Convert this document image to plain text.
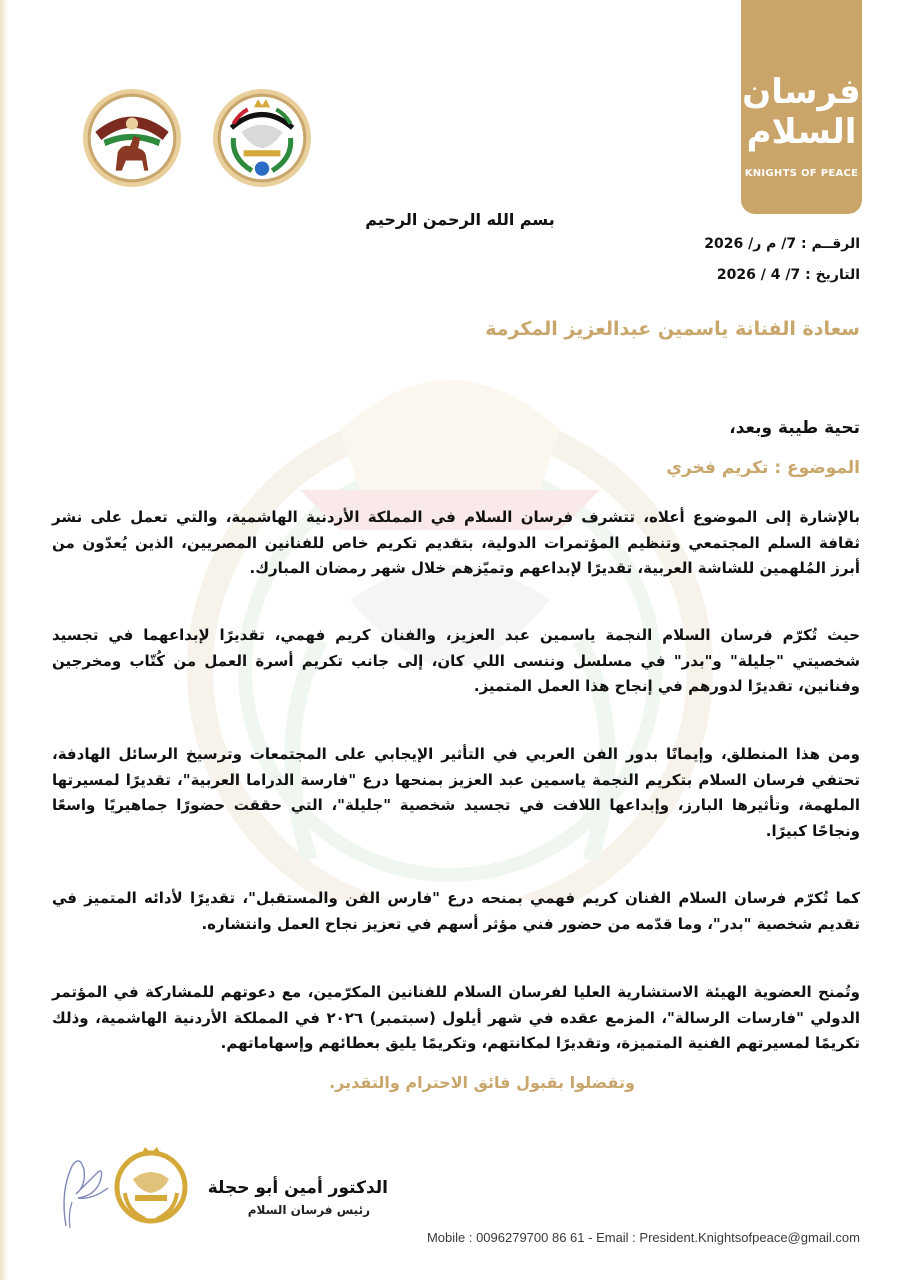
فرسان
السلام
KNIGHTS OF PEACE
بسم الله الرحمن الرحيم
الرقــم : 7/ م ر/ 2026
التاريخ : 7/ 4 / 2026
سعادة الفنانة ياسمين عبدالعزيز المكرمة
تحية طيبة وبعد،
الموضوع : تكريم فخري

بالإشارة إلى الموضوع أعلاه، تتشرف فرسان السلام في المملكة الأردنية الهاشمية، والتي تعمل على نشر ثقافة السلم المجتمعي وتنظيم المؤتمرات الدولية، بتقديم تكريم خاص للفنانين المصريين، الذين يُعدّون من أبرز المُلهمين للشاشة العربية، تقديرًا لإبداعهم وتميّزهم خلال شهر رمضان المبارك.

حيث تُكرّم فرسان السلام النجمة ياسمين عبد العزيز، والفنان كريم فهمي، تقديرًا لإبداعهما في تجسيد شخصيتي "جليلة" و"بدر" في مسلسل وننسى اللي كان، إلى جانب تكريم أسرة العمل من كُتّاب ومخرجين وفنانين، تقديرًا لدورهم في إنجاح هذا العمل المتميز.

ومن هذا المنطلق، وإيمانًا بدور الفن العربي في التأثير الإيجابي على المجتمعات وترسيخ الرسائل الهادفة، تحتفي فرسان السلام بتكريم النجمة ياسمين عبد العزيز بمنحها درع "فارسة الدراما العربية"، تقديرًا لمسيرتها الملهمة، وتأثيرها البارز، وإبداعها اللافت في تجسيد شخصية "جليلة"، التي حققت حضورًا جماهيريًا واسعًا ونجاحًا كبيرًا.

كما تُكرّم فرسان السلام الفنان كريم فهمي بمنحه درع "فارس الفن والمستقبل"، تقديرًا لأدائه المتميز في تقديم شخصية "بدر"، وما قدّمه من حضور فني مؤثر أسهم في تعزيز نجاح العمل وانتشاره.

وتُمنح العضوية الهيئة الاستشارية العليا لفرسان السلام للفنانين المكرّمين، مع دعوتهم للمشاركة في المؤتمر الدولي "فارسات الرسالة"، المزمع عقده في شهر أيلول (سبتمبر) ٢٠٢٦ في المملكة الأردنية الهاشمية، وذلك تكريمًا لمسيرتهم الفنية المتميزة، وتقديرًا لمكانتهم، وتكريمًا يليق بعطائهم وإسهاماتهم.

وتفضلوا بقبول فائق الاحترام والتقدير.
الدكتور أمين أبو حجلة
رئيس فرسان السلام
Mobile : 0096279700 86 61 - Email : President.Knightsofpeace@gmail.com
